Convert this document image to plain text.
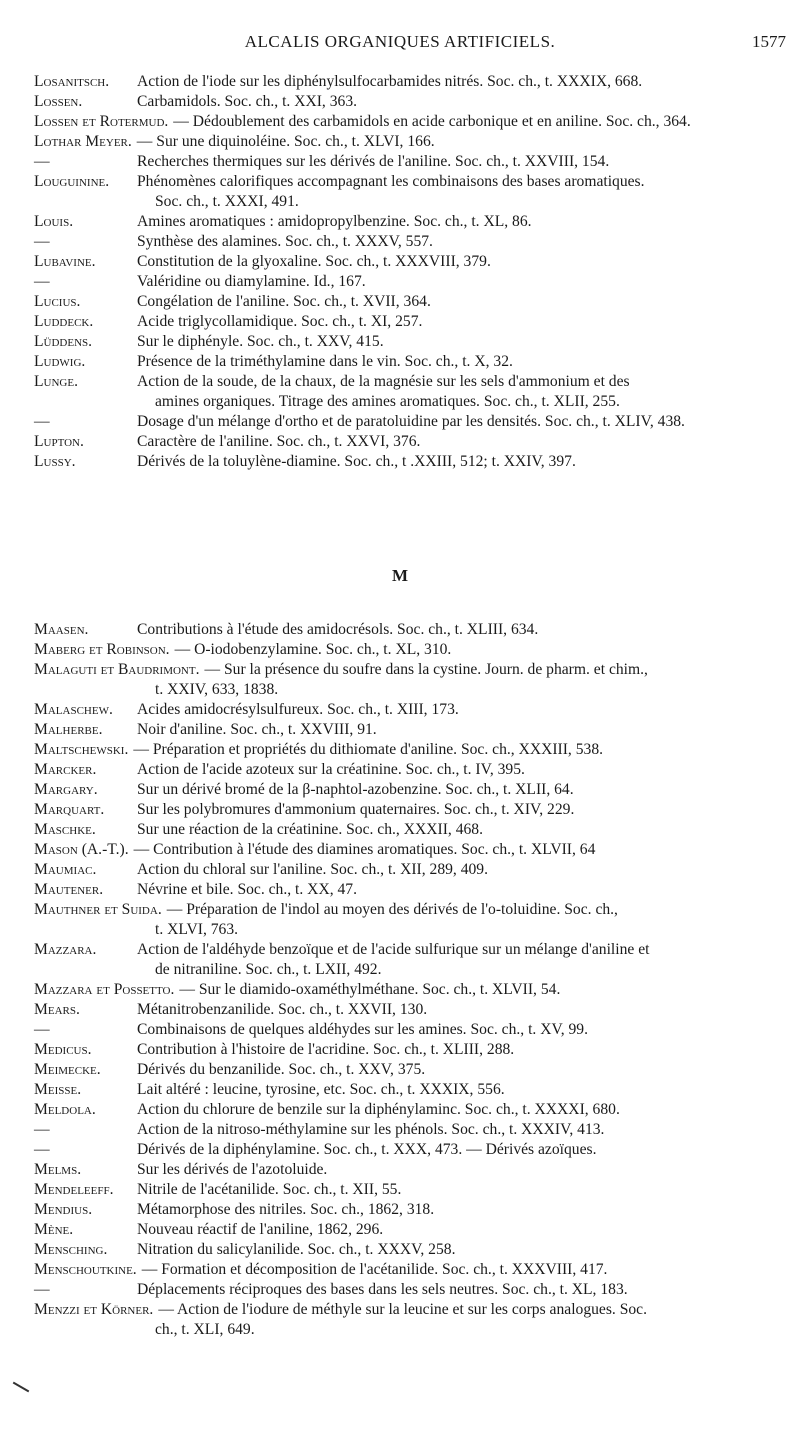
ALCALIS ORGANIQUES ARTIFICIELS.	1577
Losanitsch. Action de l'iode sur les diphénylsulfocarbamides nitrés. Soc. ch., t. XXXIX, 668.
Lossen.	Carbamidols. Soc. ch., t. XXI, 363.
Lossen et Rotermud. — Dédoublement des carbamidols en acide carbonique et en aniline. Soc. ch., 364.
Lothar Meyer. — Sur une diquinoléine. Soc. ch., t. XLVI, 166.
—	Recherches thermiques sur les dérivés de l'aniline. Soc. ch., t. XXVIII, 154.
Louguinine. Phénomènes calorifiques accompagnant les combinaisons des bases aromatiques.
Soc. ch., t. XXXI, 491.
Louis.	Amines aromatiques : amidopropylbenzine. Soc. ch., t. XL, 86.
—	Synthèse des alamines. Soc. ch., t. XXXV, 557.
Lubavine.	Constitution de la glyoxaline. Soc. ch., t. XXXVIII, 379.
—	Valéridine ou diamylamine. Id., 167.
Lucius.	Congélation de l'aniline. Soc. ch., t. XVII, 364.
Luddeck.	Acide triglycollamidique. Soc. ch., t. XI, 257.
Lüddens.	Sur le diphényle. Soc. ch., t. XXV, 415.
Ludwig.	Présence de la triméthylamine dans le vin. Soc. ch., t. X, 32.
Lunge.	Action de la soude, de la chaux, de la magnésie sur les sels d'ammonium et des
amines organiques. Titrage des amines aromatiques. Soc. ch., t. XLII, 255.
—	Dosage d'un mélange d'ortho et de paratoluidine par les densités. Soc. ch., t. XLIV, 438.
Lupton.	Caractère de l'aniline. Soc. ch., t. XXVI, 376.
Lussy.	Dérivés de la toluylène-diamine. Soc. ch., t .XXIII, 512; t. XXIV, 397.
M
Maasen.	Contributions à l'étude des amidocrésols. Soc. ch., t. XLIII, 634.
Maberg et Robinson. — O-iodobenzylamine. Soc. ch., t. XL, 310.
Malaguti et Baudrimont. — Sur la présence du soufre dans la cystine. Journ. de pharm. et chim.,
t. XXIV, 633, 1838.
Malaschew. Acides amidocrésylsulfureux. Soc. ch., t. XIII, 173.
Malherbe. Noir d'aniline. Soc. ch., t. XXVIII, 91.
Maltschewski. — Préparation et propriétés du dithiomate d'aniline. Soc. ch., XXXIII, 538.
Marcker.	Action de l'acide azoteux sur la créatinine. Soc. ch., t. IV, 395.
Margary.	Sur un dérivé bromé de la β-naphtol-azobenzine. Soc. ch., t. XLII, 64.
Marquart. Sur les polybromures d'ammonium quaternaires. Soc. ch., t. XIV, 229.
Maschke.	Sur une réaction de la créatinine. Soc. ch., XXXII, 468.
Mason (A.-T.). — Contribution à l'étude des diamines aromatiques. Soc. ch., t. XLVII, 64
Maumiac.	Action du chloral sur l'aniline. Soc. ch., t. XII, 289, 409.
Mautener. Névrine et bile. Soc. ch., t. XX, 47.
Mauthner et Suida. — Préparation de l'indol au moyen des dérivés de l'o-toluidine. Soc. ch.,
t. XLVI, 763.
Mazzara.	Action de l'aldéhyde benzoïque et de l'acide sulfurique sur un mélange d'aniline et
de nitraniline. Soc. ch., t. LXII, 492.
Mazzara et Possetto. — Sur le diamido-oxaméthylméthane. Soc. ch., t. XLVII, 54.
Mears.	Métanitrobenzanilide. Soc. ch., t. XXVII, 130.
—	Combinaisons de quelques aldéhydes sur les amines. Soc. ch., t. XV, 99.
Medicus.	Contribution à l'histoire de l'acridine. Soc. ch., t. XLIII, 288.
Meimecke. Dérivés du benzanilide. Soc. ch., t. XXV, 375.
Meisse.	Lait altéré : leucine, tyrosine, etc. Soc. ch., t. XXXIX, 556.
Meldola.	Action du chlorure de benzile sur la diphénylaminc. Soc. ch., t. XXXXI, 680.
—	Action de la nitroso-méthylamine sur les phénols. Soc. ch., t. XXXIV, 413.
—	Dérivés de la diphénylamine. Soc. ch., t. XXX, 473. — Dérivés azoïques.
Melms.	Sur les dérivés de l'azotoluide.
Mendeleeff. Nitrile de l'acétanilide. Soc. ch., t. XII, 55.
Mendius.	Métamorphose des nitriles. Soc. ch., 1862, 318.
Mène.	Nouveau réactif de l'aniline, 1862, 296.
Mensching. Nitration du salicylanilide. Soc. ch., t. XXXV, 258.
Menschoutkine. — Formation et décomposition de l'acétanilide. Soc. ch., t. XXXVIII, 417.
—	Déplacements réciproques des bases dans les sels neutres. Soc. ch., t. XL, 183.
Menzzi et Körner. — Action de l'iodure de méthyle sur la leucine et sur les corps analogues. Soc.
ch., t. XLI, 649.
